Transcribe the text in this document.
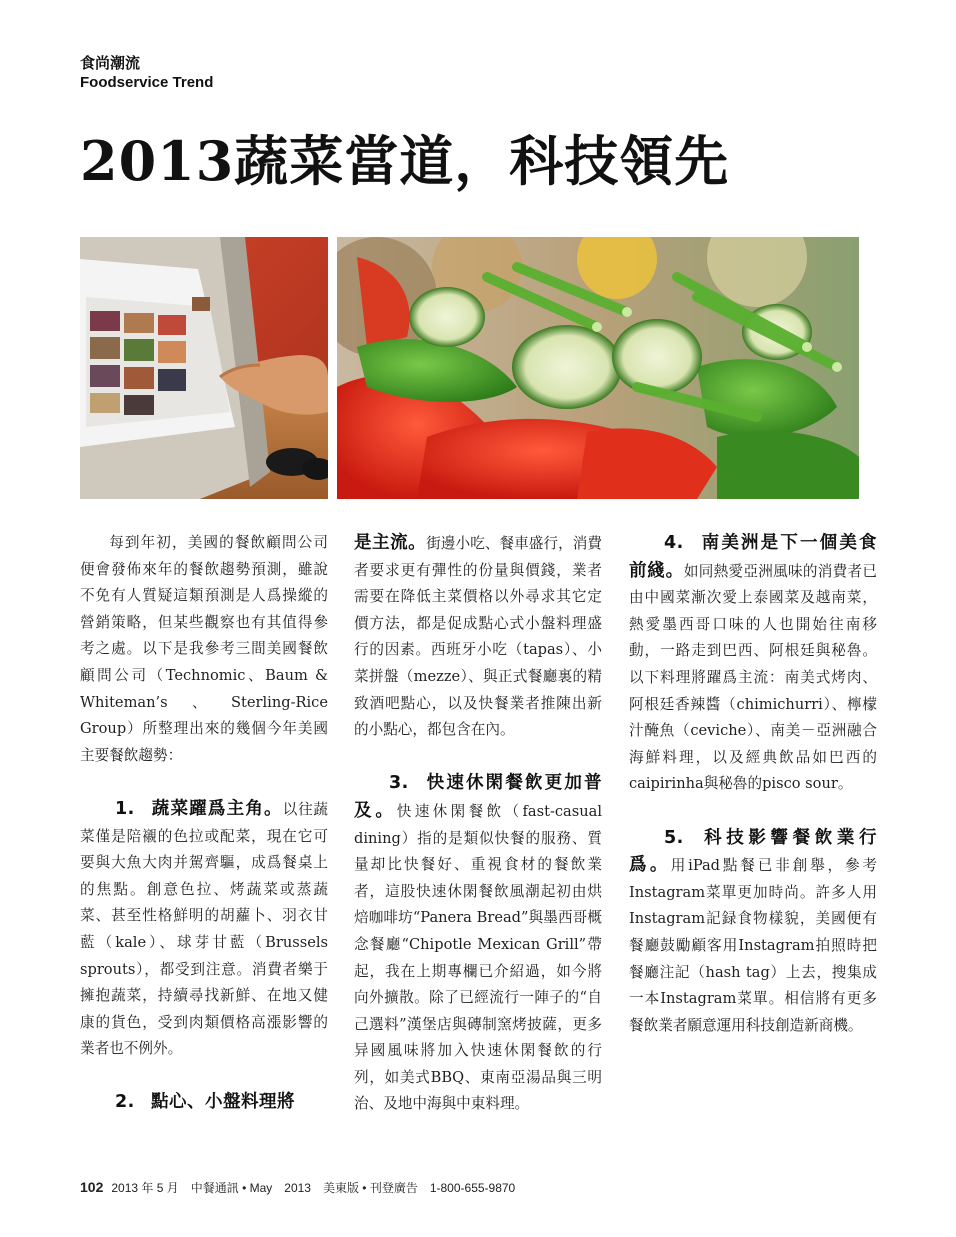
食尚潮流
Foodservice Trend
2013蔬菜當道，科技領先

每到年初，美國的餐飲顧問公司便會發佈來年的餐飲趨勢預測，雖說不免有人質疑這類預測是人爲操縱的營銷策略，但某些觀察也有其值得參考之處。以下是我參考三間美國餐飲顧問公司（Technomic、Baum & Whiteman’s、Sterling-Rice Group）所整理出來的幾個今年美國主要餐飲趨勢：

1. 蔬菜躍爲主角。以往蔬菜僅是陪襯的色拉或配菜，現在它可要與大魚大肉并駕齊驅，成爲餐桌上的焦點。創意色拉、烤蔬菜或蒸蔬菜、甚至性格鮮明的胡蘿卜、羽衣甘藍（kale）、球芽甘藍（Brussels sprouts），都受到注意。消費者樂于擁抱蔬菜，持續尋找新鮮、在地又健康的貨色，受到肉類價格高漲影響的業者也不例外。

2. 點心、小盤料理將

是主流。街邊小吃、餐車盛行，消費者要求更有彈性的份量與價錢，業者需要在降低主菜價格以外尋求其它定價方法，都是促成點心式小盤料理盛行的因素。西班牙小吃（tapas）、小菜拼盤（mezze）、與正式餐廳裏的精致酒吧點心，以及快餐業者推陳出新的小點心，都包含在內。

3. 快速休閑餐飲更加普及。快速休閑餐飲（fast-casual dining）指的是類似快餐的服務、質量却比快餐好、重視食材的餐飲業者，這股快速休閑餐飲風潮起初由烘焙咖啡坊“Panera Bread”與墨西哥概念餐廳“Chipotle Mexican Grill”帶起，我在上期專欄已介紹過，如今將向外擴散。除了已經流行一陣子的“自己選料”漢堡店與磚制窯烤披薩，更多异國風味將加入快速休閑餐飲的行列，如美式BBQ、東南亞湯品與三明治、及地中海與中東料理。

4. 南美洲是下一個美食前綫。如同熱愛亞洲風味的消費者已由中國菜漸次愛上泰國菜及越南菜，熱愛墨西哥口味的人也開始往南移動，一路走到巴西、阿根廷與秘魯。以下料理將躍爲主流：南美式烤肉、阿根廷香辣醬（chimichurri）、檸檬汁醃魚（ceviche）、南美－亞洲融合海鮮料理，以及經典飲品如巴西的caipirinha與秘魯的pisco sour。

5. 科技影響餐飲業行爲。用iPad點餐已非創舉，參考Instagram菜單更加時尚。許多人用Instagram記録食物樣貌，美國便有餐廳鼓勵顧客用Instagram拍照時把餐廳注記（hash tag）上去，搜集成一本Instagram菜單。相信將有更多餐飲業者願意運用科技創造新商機。

102 2013 年 5 月　中餐通訊 • May　2013　美東版 • 刊登廣告　1-800-655-9870
